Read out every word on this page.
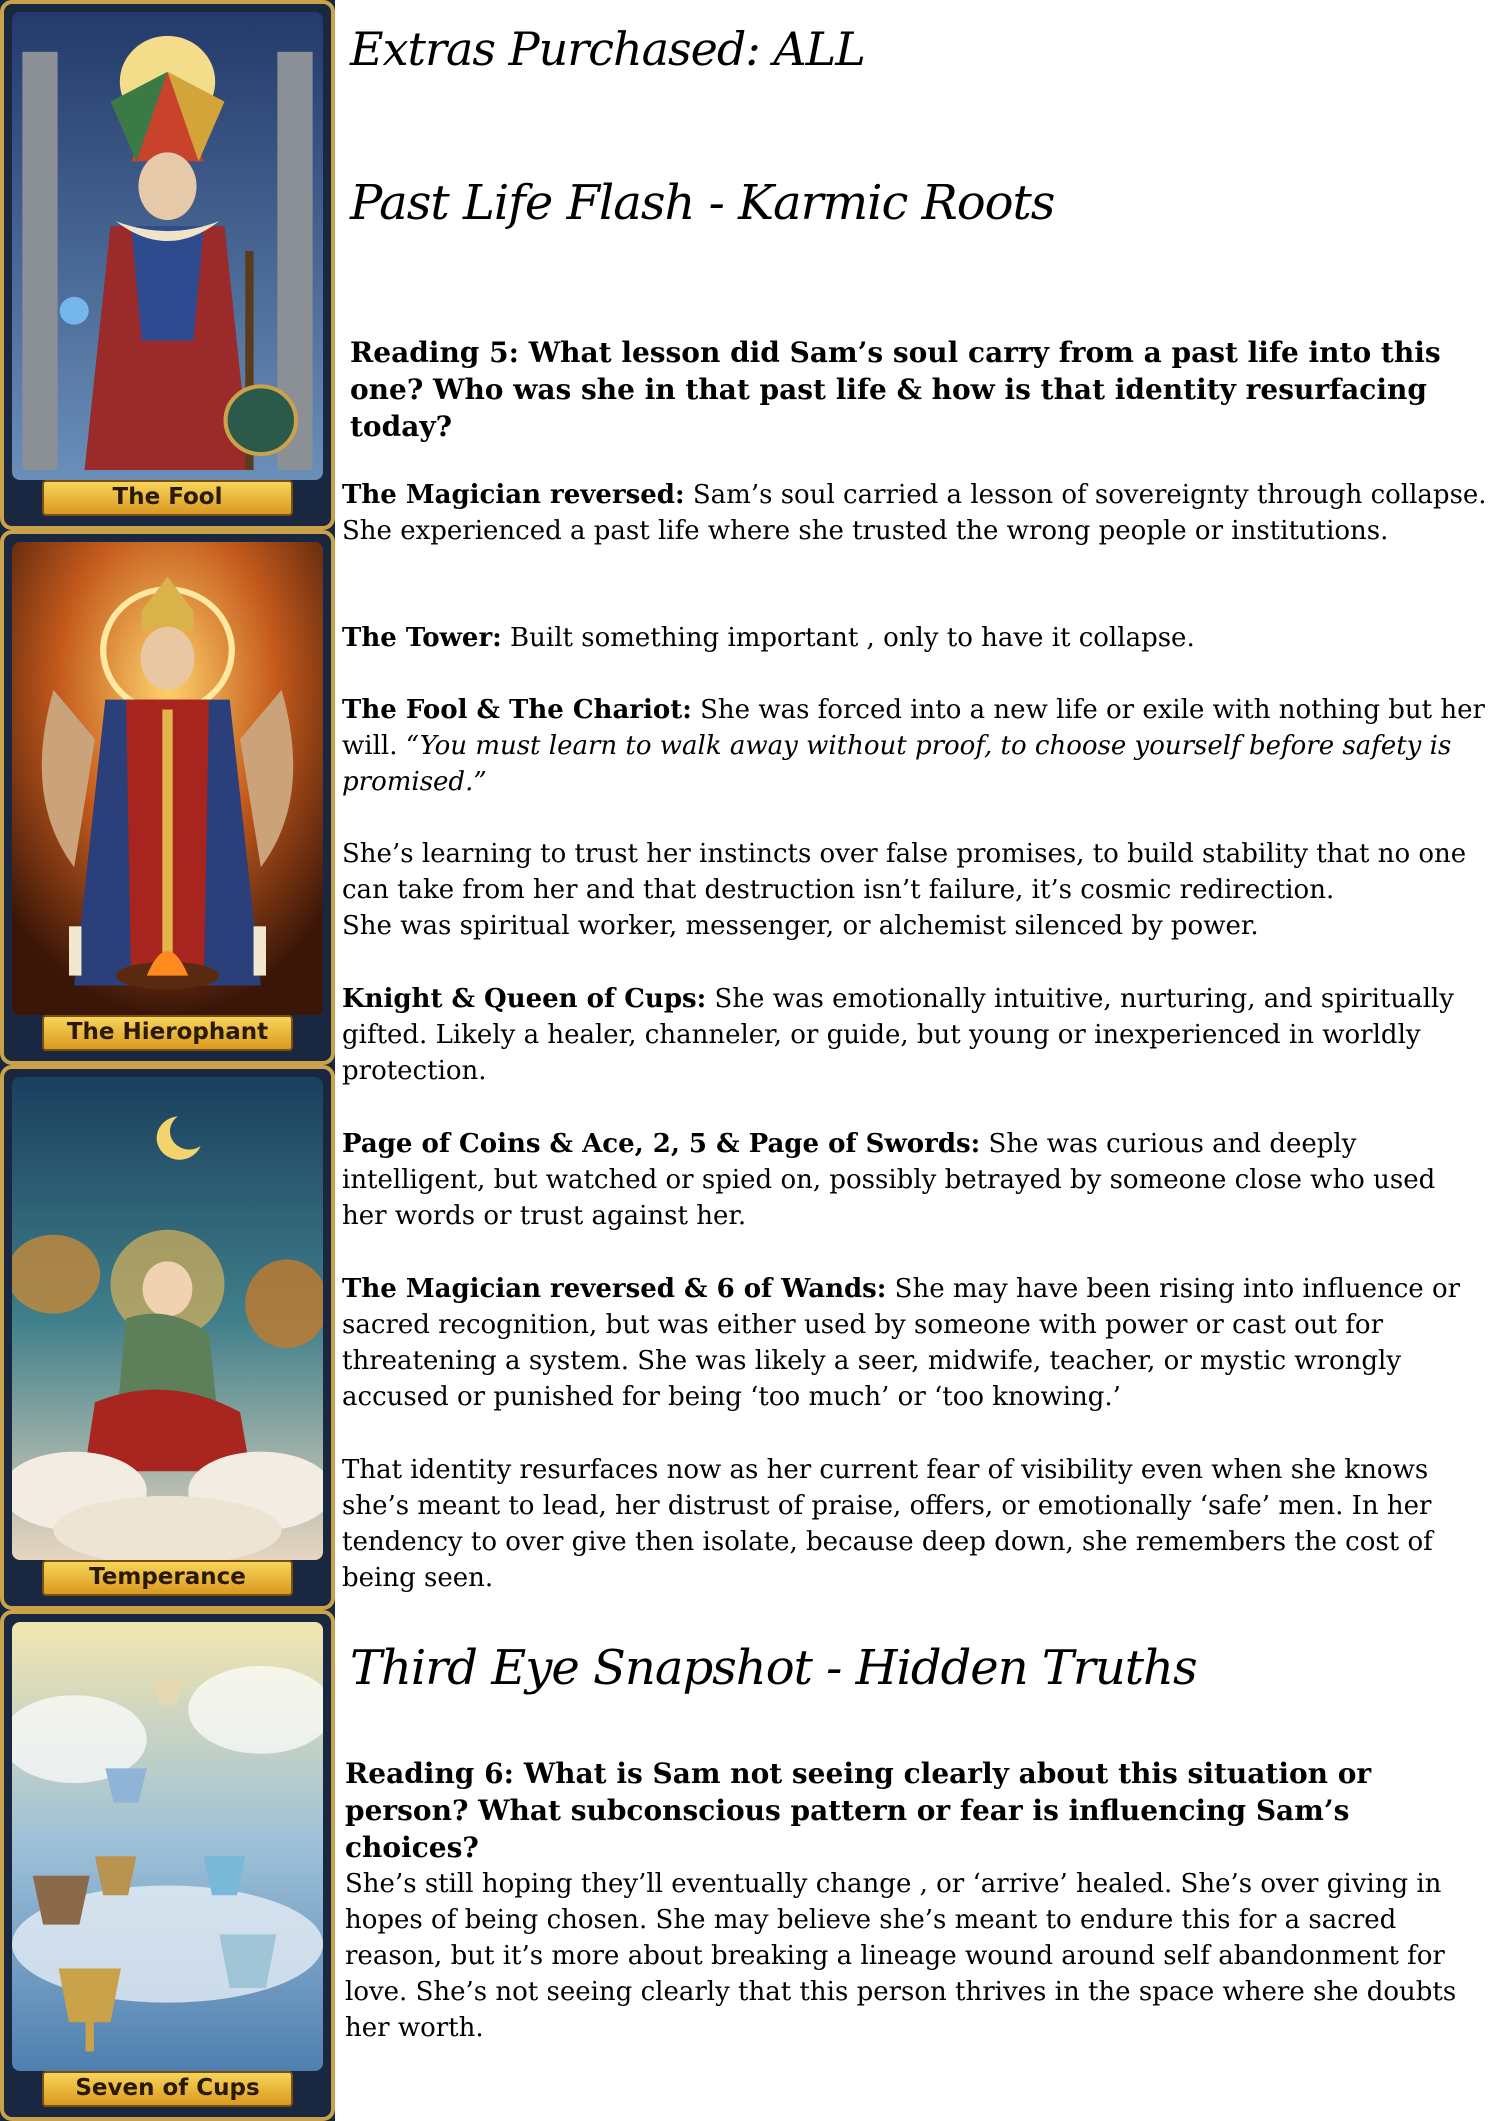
The Fool
The Hierophant
Temperance
Seven of Cups
Extras Purchased: ALL
Past Life Flash - Karmic Roots

Reading 5: What lesson did Sam’s soul carry from a past life into this one? Who was she in that past life & how is that identity resurfacing today?

The Magician reversed: Sam’s soul carried a lesson of sovereignty through collapse. She experienced a past life where she trusted the wrong people or institutions.

The Tower: Built something important , only to have it collapse.

The Fool & The Chariot: She was forced into a new life or exile with nothing but her will. “You must learn to walk away without proof, to choose yourself before safety is promised.”

She’s learning to trust her instincts over false promises, to build stability that no one can take from her and that destruction isn’t failure, it’s cosmic redirection.
She was spiritual worker, messenger, or alchemist silenced by power.

Knight & Queen of Cups: She was emotionally intuitive, nurturing, and spiritually gifted. Likely a healer, channeler, or guide, but young or inexperienced in worldly protection.

Page of Coins & Ace, 2, 5 & Page of Swords: She was curious and deeply intelligent, but watched or spied on, possibly betrayed by someone close who used her words or trust against her.

The Magician reversed & 6 of Wands: She may have been rising into influence or sacred recognition, but was either used by someone with power or cast out for threatening a system. She was likely a seer, midwife, teacher, or mystic wrongly accused or punished for being ‘too much’ or ‘too knowing.’

That identity resurfaces now as her current fear of visibility even when she knows she’s meant to lead, her distrust of praise, offers, or emotionally ‘safe’ men. In her tendency to over give then isolate, because deep down, she remembers the cost of being seen.

Third Eye Snapshot - Hidden Truths

Reading 6: What is Sam not seeing clearly about this situation or person? What subconscious pattern or fear is influencing Sam’s choices?

She’s still hoping they’ll eventually change , or ‘arrive’ healed. She’s over giving in hopes of being chosen. She may believe she’s meant to endure this for a sacred reason, but it’s more about breaking a lineage wound around self abandonment for love. She’s not seeing clearly that this person thrives in the space where she doubts her worth.
